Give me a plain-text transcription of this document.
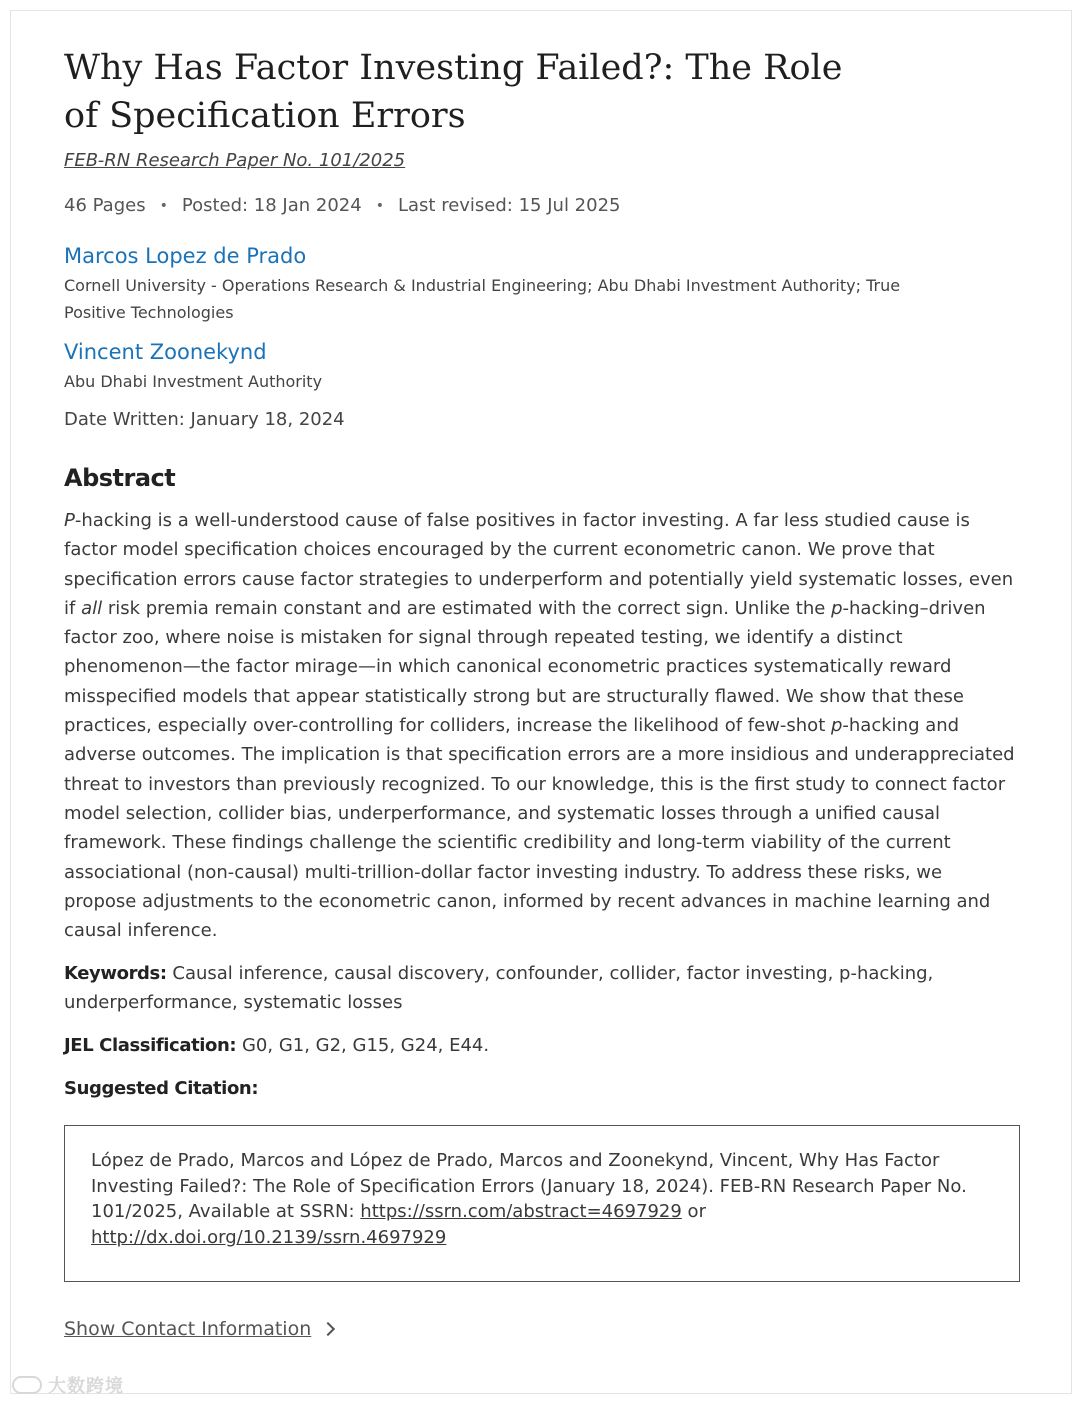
Why Has Factor Investing Failed?: The Role of Specification Errors
FEB-RN Research Paper No. 101/2025
46 Pages • Posted: 18 Jan 2024 • Last revised: 15 Jul 2025
Marcos Lopez de Prado
Cornell University - Operations Research & Industrial Engineering; Abu Dhabi Investment Authority; True Positive Technologies
Vincent Zoonekynd
Abu Dhabi Investment Authority
Date Written: January 18, 2024
Abstract
P-hacking is a well-understood cause of false positives in factor investing. A far less studied cause is factor model specification choices encouraged by the current econometric canon. We prove that specification errors cause factor strategies to underperform and potentially yield systematic losses, even if all risk premia remain constant and are estimated with the correct sign. Unlike the p-hacking–driven factor zoo, where noise is mistaken for signal through repeated testing, we identify a distinct phenomenon—the factor mirage—in which canonical econometric practices systematically reward misspecified models that appear statistically strong but are structurally flawed. We show that these practices, especially over-controlling for colliders, increase the likelihood of few-shot p-hacking and adverse outcomes. The implication is that specification errors are a more insidious and underappreciated threat to investors than previously recognized. To our knowledge, this is the first study to connect factor model selection, collider bias, underperformance, and systematic losses through a unified causal framework. These findings challenge the scientific credibility and long-term viability of the current associational (non-causal) multi-trillion-dollar factor investing industry. To address these risks, we propose adjustments to the econometric canon, informed by recent advances in machine learning and causal inference.
Keywords: Causal inference, causal discovery, confounder, collider, factor investing, p-hacking, underperformance, systematic losses
JEL Classification: G0, G1, G2, G15, G24, E44.
Suggested Citation:
López de Prado, Marcos and López de Prado, Marcos and Zoonekynd, Vincent, Why Has Factor Investing Failed?: The Role of Specification Errors (January 18, 2024). FEB-RN Research Paper No. 101/2025, Available at SSRN: https://ssrn.com/abstract=4697929 or http://dx.doi.org/10.2139/ssrn.4697929
Show Contact Information
大数跨境
